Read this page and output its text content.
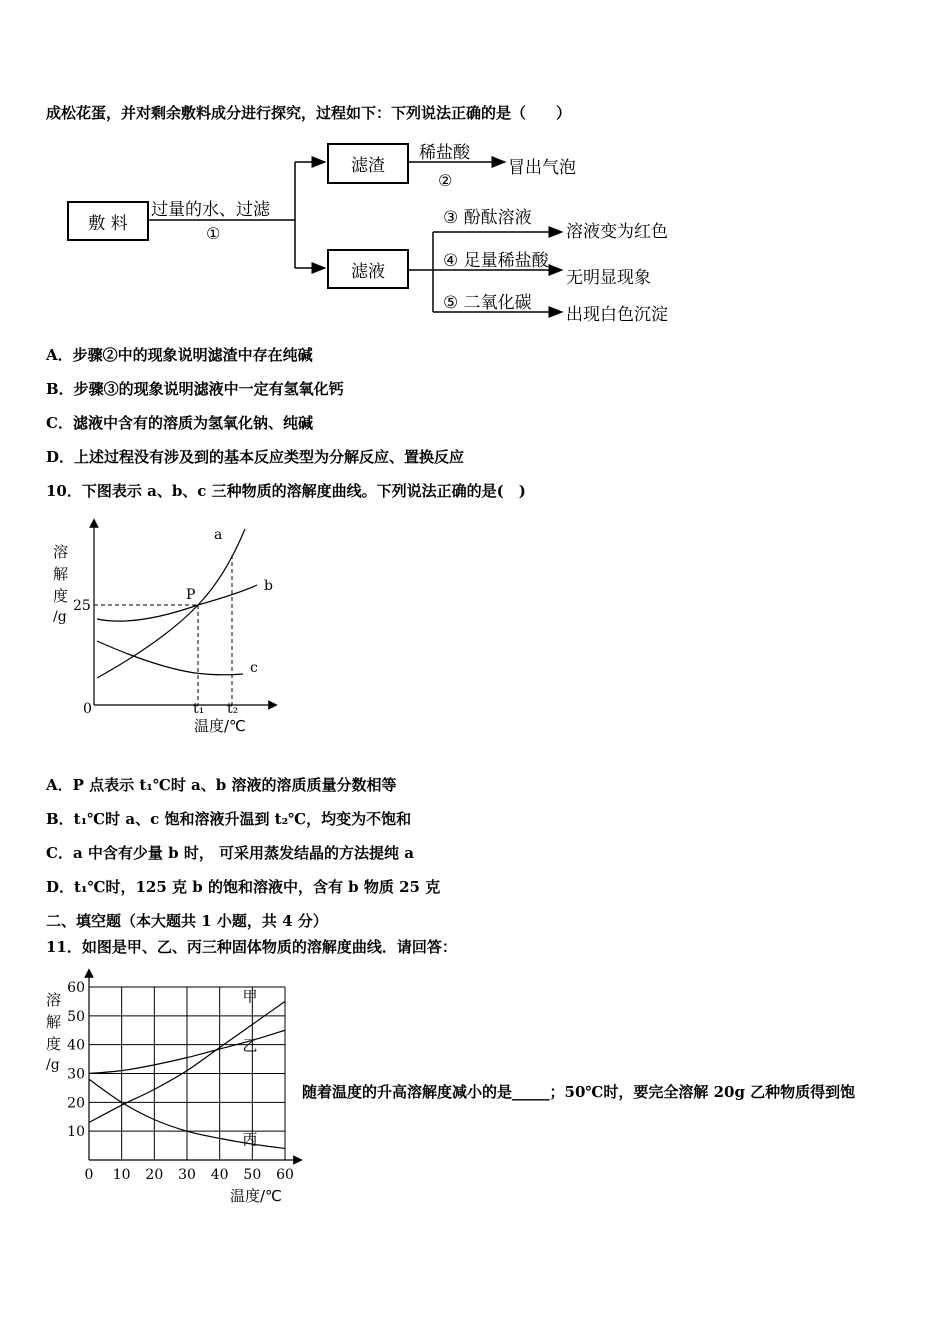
成松花蛋，并对剩余敷料成分进行探究，过程如下：下列说法正确的是（　　）
敷 料
滤渣
滤液
过量的水、过滤
①
稀盐酸
②
冒出气泡
③ 酚酞溶液
溶液变为红色
④ 足量稀盐酸
无明显现象
⑤ 二氧化碳
出现白色沉淀
A．步骤②中的现象说明滤渣中存在纯碱
B．步骤③的现象说明滤液中一定有氢氧化钙
C．滤液中含有的溶质为氢氧化钠、纯碱
D．上述过程没有涉及到的基本反应类型为分解反应、置换反应
10．下图表示 a、b、c 三种物质的溶解度曲线。下列说法正确的是(　)
溶
解
度
/g
25
0	t₁ t₂
温度/℃
P
a
b
c
A．P 点表示 t₁℃时 a、b 溶液的溶质质量分数相等
B．t₁℃时 a、c 饱和溶液升温到 t₂℃，均变为不饱和
C．a 中含有少量 b 时， 可采用蒸发结晶的方法提纯 a
D．t₁℃时，125 克 b 的饱和溶液中，含有 b 物质 25 克
二、填空题（本大题共 1 小题，共 4 分）
11．如图是甲、乙、丙三种固体物质的溶解度曲线．请回答：
0 10 20 30 40 50 60
10
20
30
40
50
60
溶
解
度
/g
温度/℃
甲
乙
丙
随着温度的升高溶解度减小的是_____；50℃时，要完全溶解 20g 乙种物质得到饱
